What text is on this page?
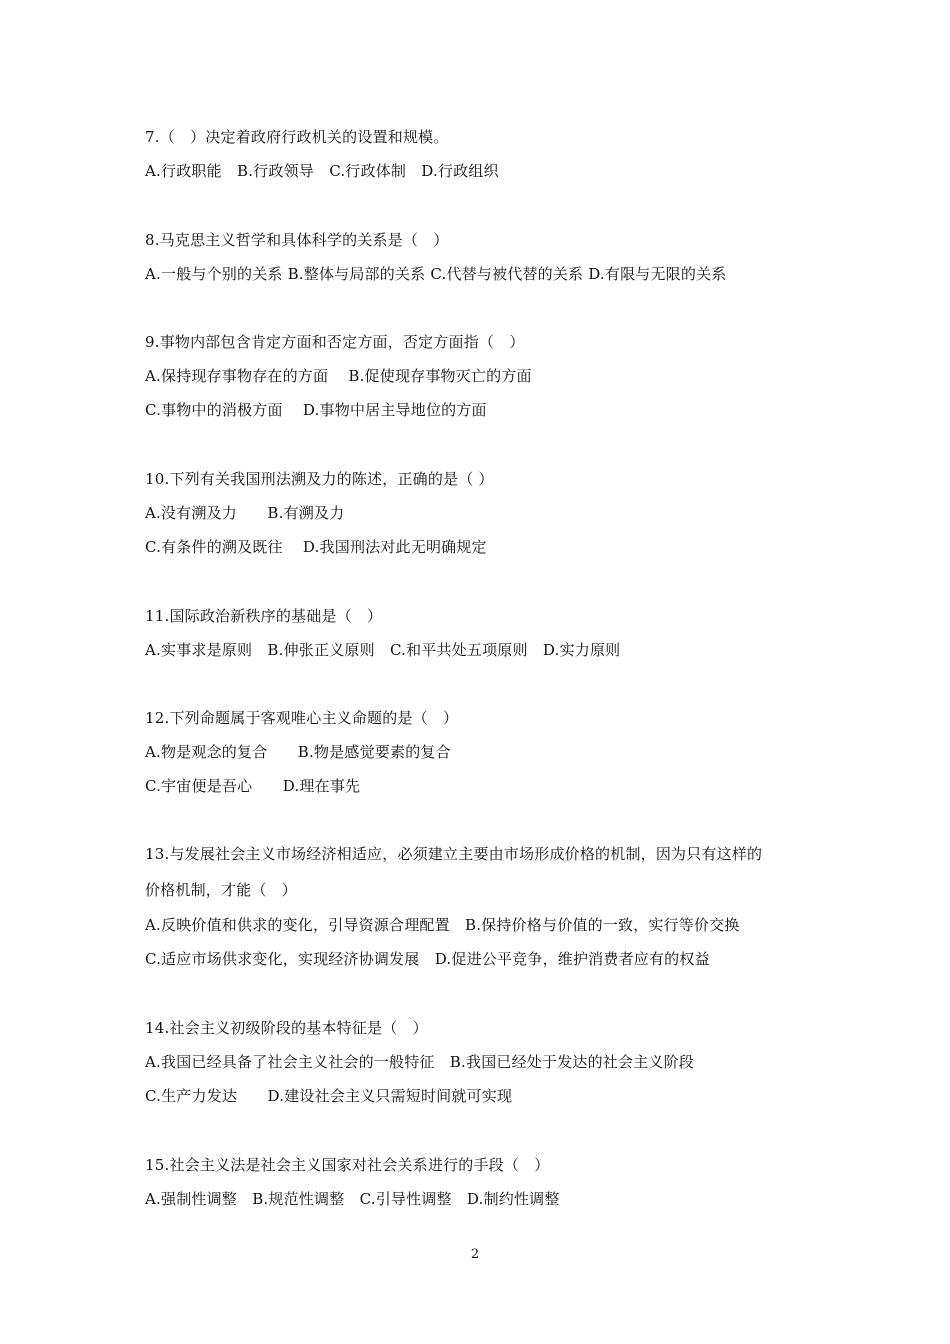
7.（　）决定着政府行政机关的设置和规模。
A.行政职能　B.行政领导　C.行政体制　D.行政组织
8.马克思主义哲学和具体科学的关系是（　）
A.一般与个别的关系 B.整体与局部的关系 C.代替与被代替的关系 D.有限与无限的关系
9.事物内部包含肯定方面和否定方面，否定方面指（　）
A.保持现存事物存在的方面　 B.促使现存事物灭亡的方面
C.事物中的消极方面　 D.事物中居主导地位的方面
10.下列有关我国刑法溯及力的陈述，正确的是（ ）
A.没有溯及力　　B.有溯及力
C.有条件的溯及既往　 D.我国刑法对此无明确规定
11.国际政治新秩序的基础是（　）
A.实事求是原则　B.伸张正义原则　C.和平共处五项原则　D.实力原则
12.下列命题属于客观唯心主义命题的是（　）
A.物是观念的复合　　B.物是感觉要素的复合
C.宇宙便是吾心　　D.理在事先
13.与发展社会主义市场经济相适应，必须建立主要由市场形成价格的机制，因为只有这样的
价格机制，才能（　）
A.反映价值和供求的变化，引导资源合理配置　B.保持价格与价值的一致，实行等价交换
C.适应市场供求变化，实现经济协调发展　D.促进公平竞争，维护消费者应有的权益
14.社会主义初级阶段的基本特征是（　）
A.我国已经具备了社会主义社会的一般特征　B.我国已经处于发达的社会主义阶段
C.生产力发达　　D.建设社会主义只需短时间就可实现
15.社会主义法是社会主义国家对社会关系进行的手段（　）
A.强制性调整　B.规范性调整　C.引导性调整　D.制约性调整
2
